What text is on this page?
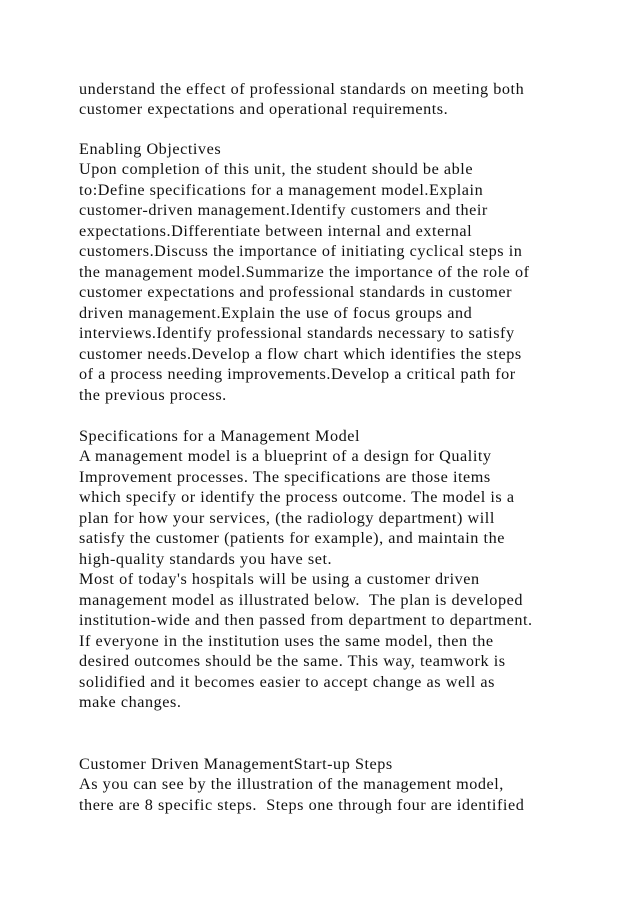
understand the effect of professional standards on meeting both
customer expectations and operational requirements.
Enabling Objectives
Upon completion of this unit, the student should be able
to:Define specifications for a management model.Explain
customer-driven management.Identify customers and their
expectations.Differentiate between internal and external
customers.Discuss the importance of initiating cyclical steps in
the management model.Summarize the importance of the role of
customer expectations and professional standards in customer
driven management.Explain the use of focus groups and
interviews.Identify professional standards necessary to satisfy
customer needs.Develop a flow chart which identifies the steps
of a process needing improvements.Develop a critical path for
the previous process.
Specifications for a Management Model
A management model is a blueprint of a design for Quality
Improvement processes. The specifications are those items
which specify or identify the process outcome. The model is a
plan for how your services, (the radiology department) will
satisfy the customer (patients for example), and maintain the
high-quality standards you have set.
Most of today's hospitals will be using a customer driven
management model as illustrated below.  The plan is developed
institution-wide and then passed from department to department.
If everyone in the institution uses the same model, then the
desired outcomes should be the same. This way, teamwork is
solidified and it becomes easier to accept change as well as
make changes.
Customer Driven ManagementStart-up Steps
As you can see by the illustration of the management model,
there are 8 specific steps.  Steps one through four are identified
